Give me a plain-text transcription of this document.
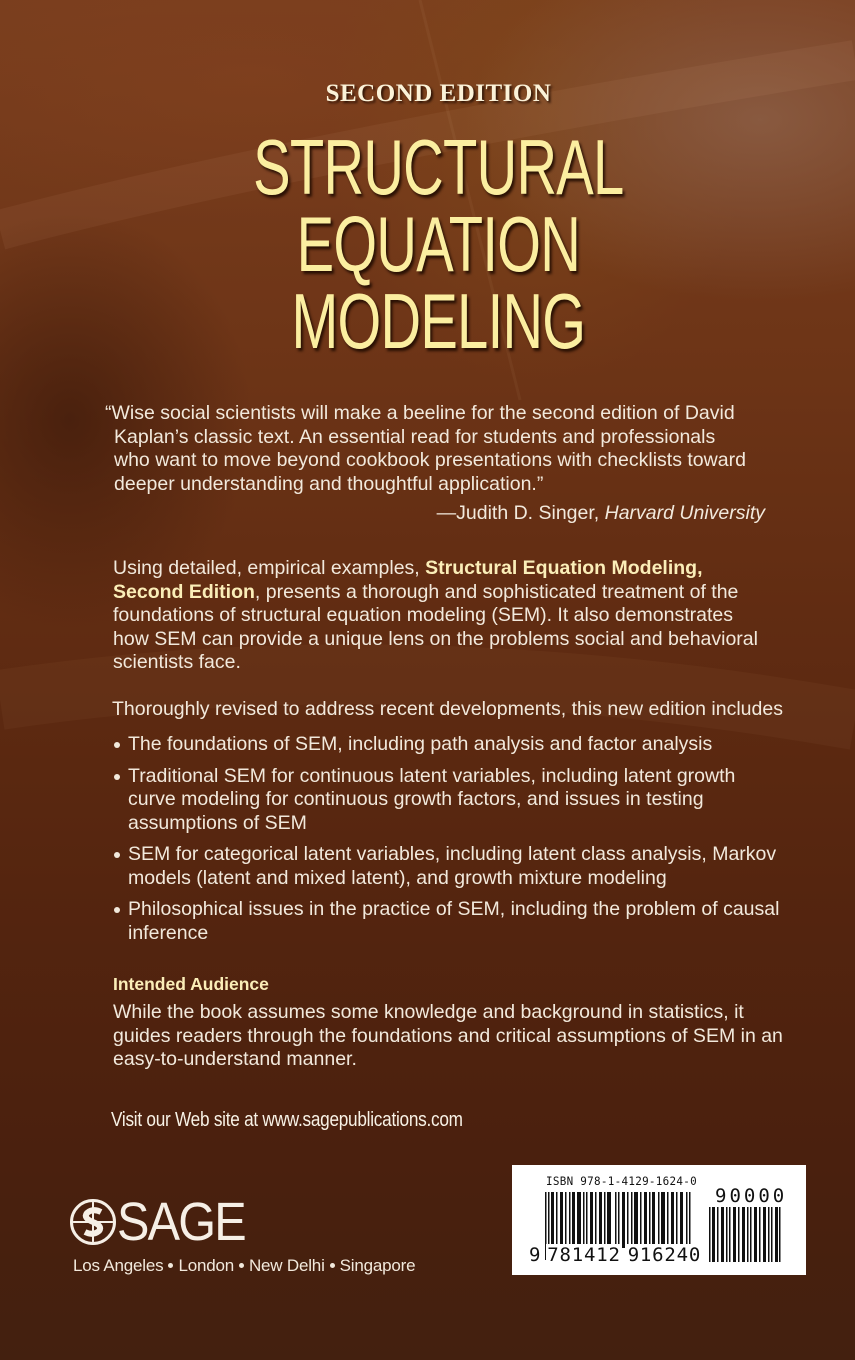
SECOND EDITION
STRUCTURAL
EQUATION
MODELING

“Wise social scientists will make a beeline for the second edition of David
Kaplan’s classic text. An essential read for students and professionals
who want to move beyond cookbook presentations with checklists toward
deeper understanding and thoughtful application.”

—Judith D. Singer, Harvard University
Using detailed, empirical examples, Structural Equation Modeling, Second Edition, presents a thorough and sophisticated treatment of the foundations of structural equation modeling (SEM). It also demonstrates how SEM can provide a unique lens on the problems social and behavioral scientists face.
Thoroughly revised to address recent developments, this new edition includes
The foundations of SEM, including path analysis and factor analysis
Traditional SEM for continuous latent variables, including latent growth curve modeling for continuous growth factors, and issues in testing assumptions of SEM
SEM for categorical latent variables, including latent class analysis, Markov models (latent and mixed latent), and growth mixture modeling
Philosophical issues in the practice of SEM, including the problem of causal inference
Intended Audience
While the book assumes some knowledge and background in statistics, it guides readers through the foundations and critical assumptions of SEM in an easy-to-understand manner.
Visit our Web site at www.sagepublications.com
SAGE
Los Angeles London New Delhi Singapore
ISBN 978-1-4129-1624-0
9 781412 916240
90000
